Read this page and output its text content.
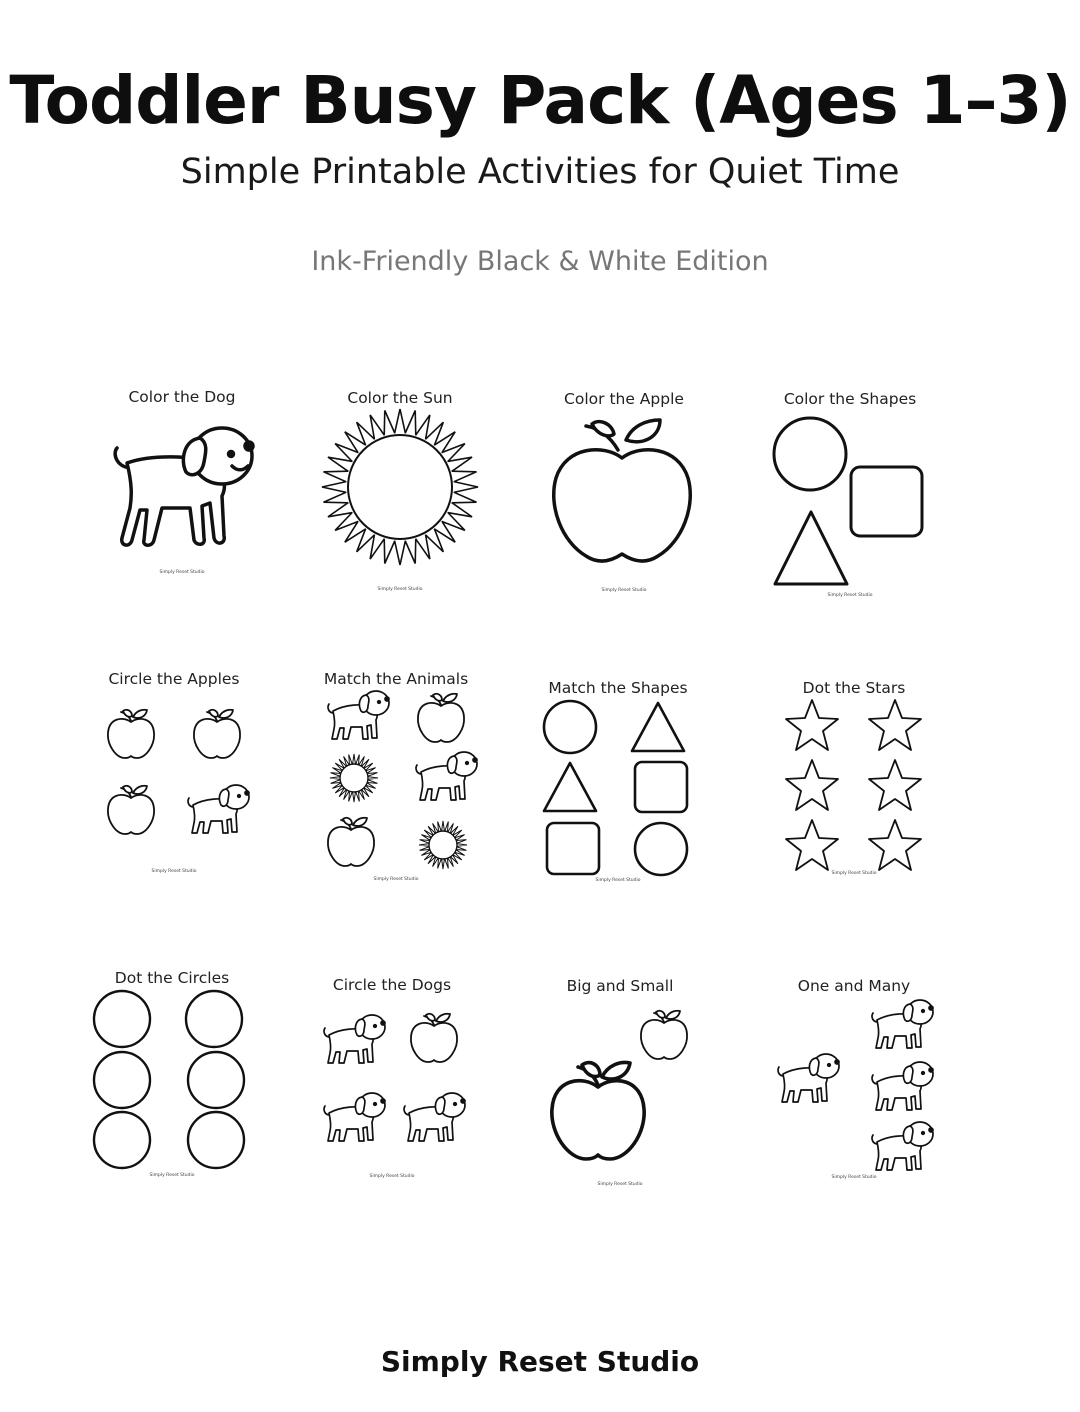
Toddler Busy Pack (Ages 1–3)
Simple Printable Activities for Quiet Time
Ink-Friendly Black & White Edition
Color the Dog
Simply Reset Studio
Color the Sun
Simply Reset Studio
Color the Apple
Simply Reset Studio
Color the Shapes
Simply Reset Studio
Circle the Apples
Simply Reset Studio
Match the Animals
Simply Reset Studio
Match the Shapes
Simply Reset Studio
Dot the Stars
Simply Reset Studio
Dot the Circles
Simply Reset Studio
Circle the Dogs
Simply Reset Studio
Big and Small
Simply Reset Studio
One and Many
Simply Reset Studio
Simply Reset Studio
